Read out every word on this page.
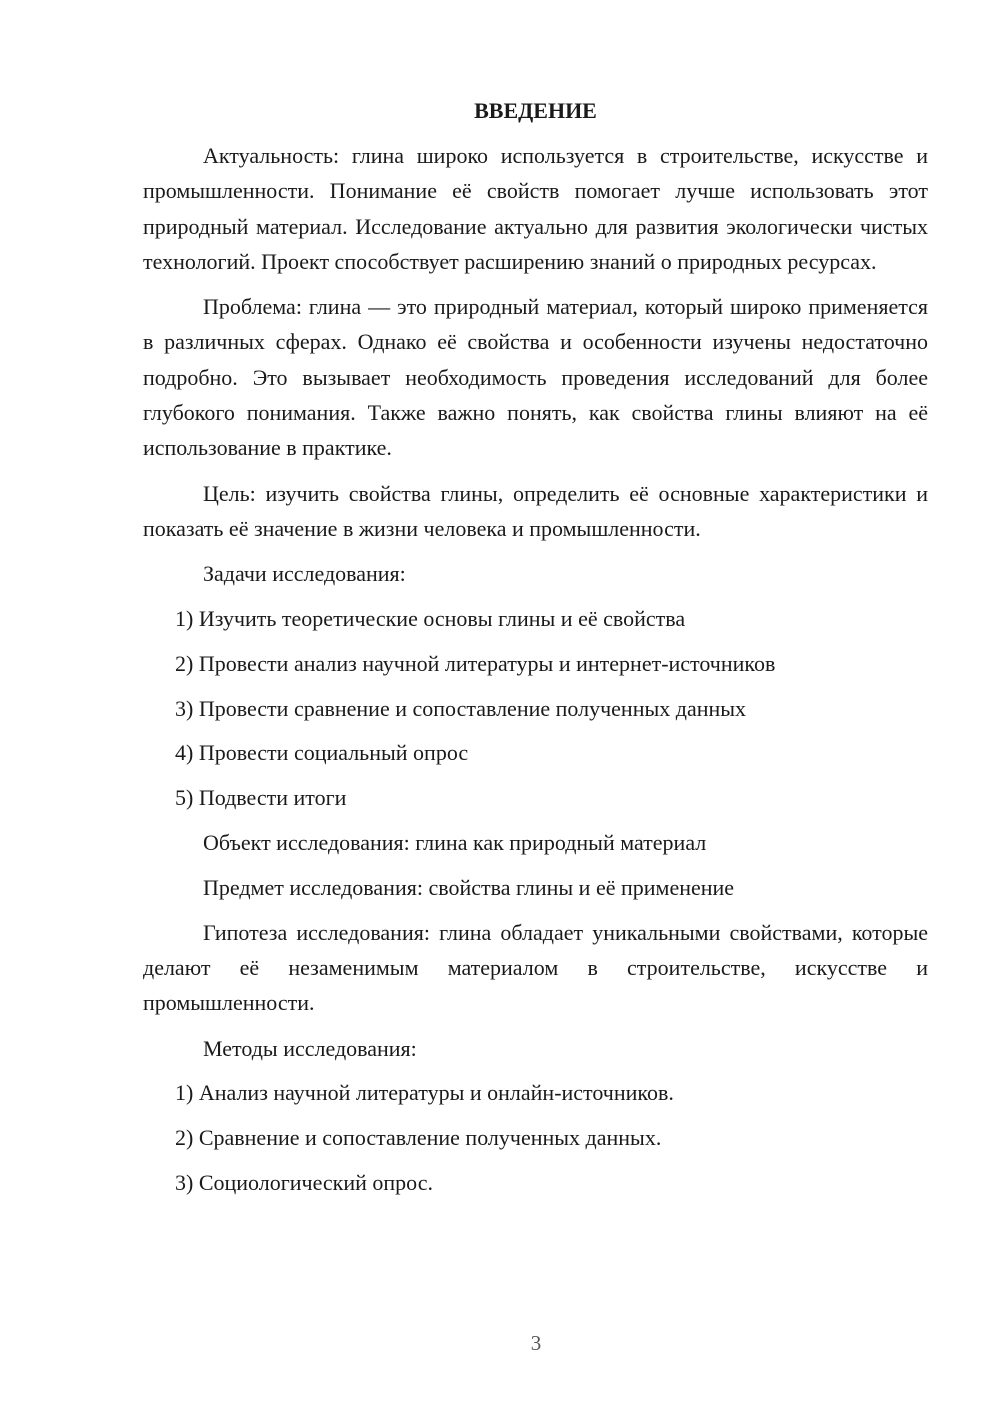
ВВЕДЕНИЕ

Актуальность: глина широко используется в строительстве, искусстве и промышленности. Понимание её свойств помогает лучше использовать этот природный материал. Исследование актуально для развития экологически чистых технологий. Проект способствует расширению знаний о природных ресурсах.

Проблема: глина — это природный материал, который широко применяется в различных сферах. Однако её свойства и особенности изучены недостаточно подробно. Это вызывает необходимость проведения исследований для более глубокого понимания. Также важно понять, как свойства глины влияют на её использование в практике.

Цель: изучить свойства глины, определить её основные характеристики и показать её значение в жизни человека и промышленности.

Задачи исследования:
1) Изучить теоретические основы глины и её свойства
2) Провести анализ научной литературы и интернет-источников
3) Провести сравнение и сопоставление полученных данных
4) Провести социальный опрос
5) Подвести итоги
Объект исследования: глина как природный материал
Предмет исследования: свойства глины и её применение

Гипотеза исследования: глина обладает уникальными свойствами, которые делают её незаменимым материалом в строительстве, искусстве и промышленности.

Методы исследования:
1) Анализ научной литературы и онлайн-источников.
2) Сравнение и сопоставление полученных данных.
3) Социологический опрос.
3
